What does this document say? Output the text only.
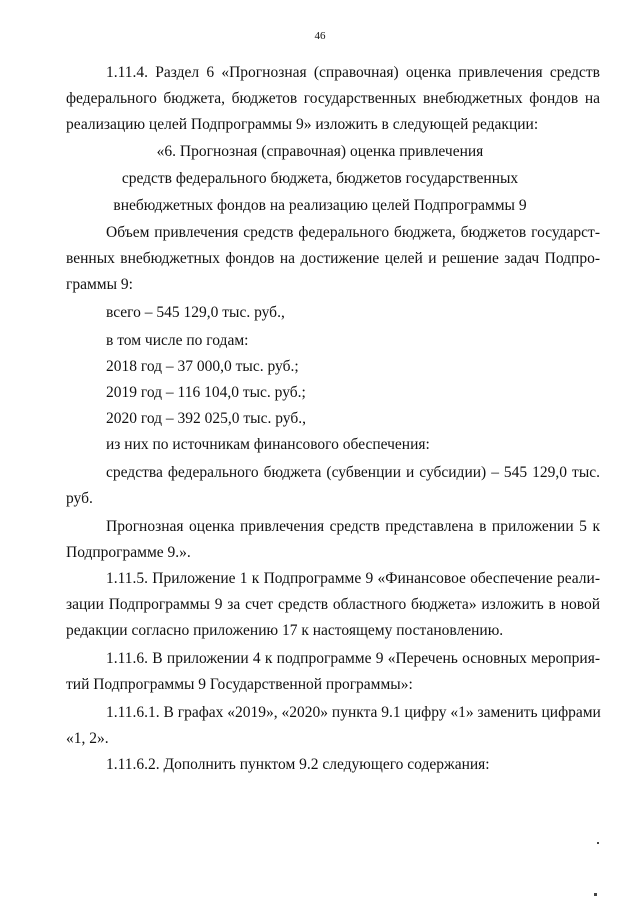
46
1.11.4. Раздел 6 «Прогнозная (справочная) оценка привлечения средств
федерального бюджета, бюджетов государственных внебюджетных фондов на
реализацию целей Подпрограммы 9» изложить в следующей редакции:
«6. Прогнозная (справочная) оценка привлечения
средств федерального бюджета, бюджетов государственных
внебюджетных фондов на реализацию целей Подпрограммы 9
Объем привлечения средств федерального бюджета, бюджетов государст-
венных внебюджетных фондов на достижение целей и решение задач Подпро-
граммы 9:
всего – 545 129,0 тыс. руб.,
в том числе по годам:
2018 год – 37 000,0 тыс. руб.;
2019 год – 116 104,0 тыс. руб.;
2020 год – 392 025,0 тыс. руб.,
из них по источникам финансового обеспечения:
средства федерального бюджета (субвенции и субсидии) – 545 129,0 тыс.
руб.
Прогнозная оценка привлечения средств представлена в приложении 5 к
Подпрограмме 9.».
1.11.5. Приложение 1 к Подпрограмме 9 «Финансовое обеспечение реали-
зации Подпрограммы 9 за счет средств областного бюджета» изложить в новой
редакции согласно приложению 17 к настоящему постановлению.
1.11.6. В приложении 4 к подпрограмме 9 «Перечень основных мероприя-
тий Подпрограммы 9 Государственной программы»:
1.11.6.1. В графах «2019», «2020» пункта 9.1 цифру «1» заменить цифрами
«1, 2».
1.11.6.2. Дополнить пунктом 9.2 следующего содержания:
